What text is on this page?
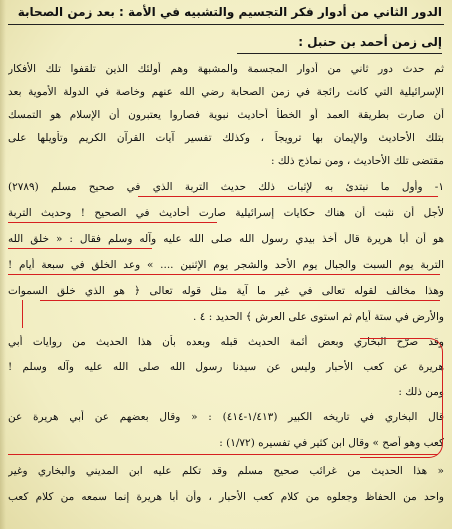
الدور الثاني من أدوار فكر التجسيم والتشبيه في الأمة : بعد زمن الصحابة
إلى زمن أحمد بن حنبل :
ثم حدث دور ثاني من أدوار المجسمة والمشبهة وهم أولئك الذين تلقفوا تلك الأفكار
الإسرائيلية التي كانت رائجة في زمن الصحابة رضي الله عنهم وخاصة في الدولة الأموية بعد
أن صارت بطريقة العمد أو الخطأ أحاديث نبوية فصاروا يعتبرون أن الإسلام هو التمسك
بتلك الأحاديث والإيمان بها ترويجاً ، وكذلك تفسير آيات القرآن الكريم وتأويلها على
مقتضى تلك الأحاديث ، ومن نماذج ذلك :
١- وأول ما نبتدئ به لإثبات ذلك حديث التربة الذي في صحيح مسلم (٢٧٨٩)
لأجل أن نثبت أن هناك حكايات إسرائيلية صارت أحاديث في الصحيح ! وحديث التربة
هو أن أبا هريرة قال أخذ بيدي رسول الله صلى الله عليه وآله وسلم فقال : « خلق الله
التربة يوم السبت والجبال يوم الأحد والشجر يوم الإثنين .... » وعد الخلق في سبعة أيام !
وهذا مخالف لقوله تعالى في غير ما آية مثل قوله تعالى ﴿ هو الذي خلق السموات
والأرض في ستة أيام ثم استوى على العرش ﴾ الحديد : ٤ .
وقد صرّح البخاري وبعض أئمة الحديث قبله وبعده بأن هذا الحديث من روايات أبي
هريرة عن كعب الأحبار وليس عن سيدنا رسول الله صلى الله عليه وآله وسلم !
ومن ذلك :
قال البخاري في تاريخه الكبير (١/٤١٣-٤١٤) : « وقال بعضهم عن أبي هريرة عن
كعب وهو أصح » وقال ابن كثير في تفسيره (١/٧٢) :
« هذا الحديث من غرائب صحيح مسلم وقد تكلم عليه ابن المديني والبخاري وغير
واحد من الحفاظ وجعلوه من كلام كعب الأحبار ، وأن أبا هريرة إنما سمعه من كلام كعب
